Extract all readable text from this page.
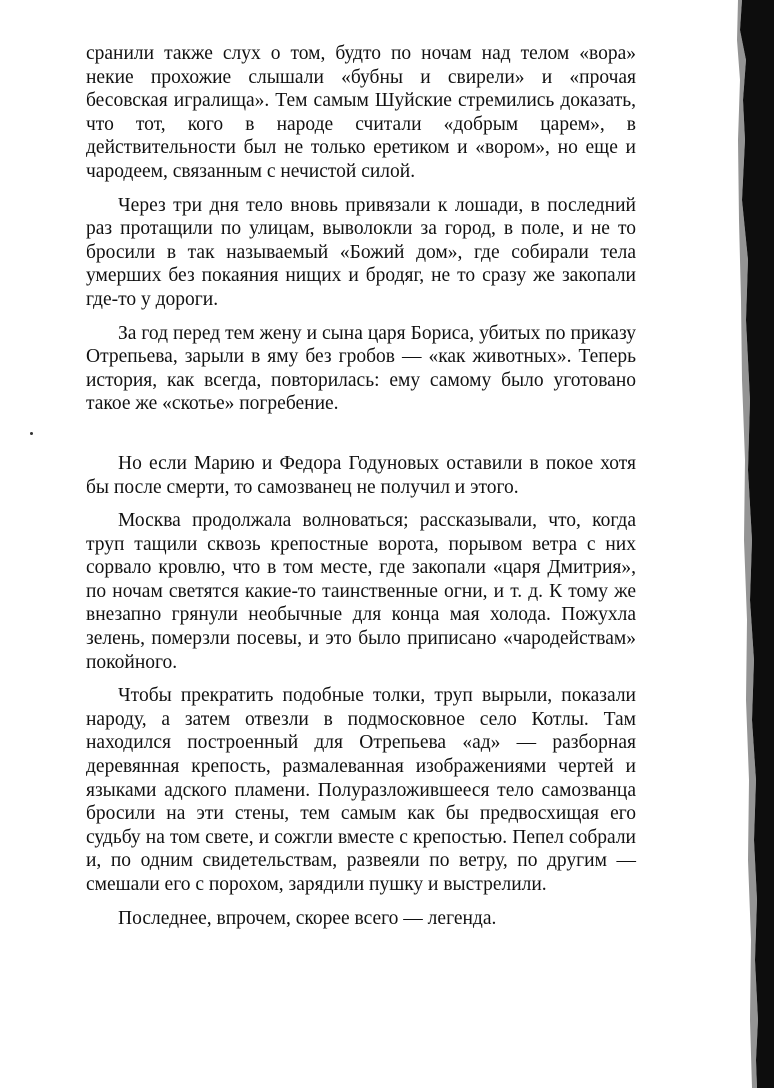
сранили также слух о том, будто по ночам над телом «вора» некие прохожие слышали «бубны и свирели» и «прочая бесовская игралища». Тем самым Шуйские стремились доказать, что тот, кого в народе считали «добрым царем», в действительности был не только еретиком и «вором», но еще и чародеем, связанным с нечистой силой.

Через три дня тело вновь привязали к лошади, в последний раз протащили по улицам, выволокли за город, в поле, и не то бросили в так называемый «Божий дом», где собирали тела умерших без покаяния нищих и бродяг, не то сразу же закопали где-то у дороги.

За год перед тем жену и сына царя Бориса, убитых по приказу Отрепьева, зарыли в яму без гробов — «как животных». Теперь история, как всегда, повторилась: ему самому было уготовано такое же «скотье» погребение.

Но если Марию и Федора Годуновых оставили в покое хотя бы после смерти, то самозванец не получил и этого.

Москва продолжала волноваться; рассказывали, что, когда труп тащили сквозь крепостные ворота, порывом ветра с них сорвало кровлю, что в том месте, где закопали «царя Дмитрия», по ночам светятся какие-то таинственные огни, и т. д. К тому же внезапно грянули необычные для конца мая холода. Пожухла зелень, померзли посевы, и это было приписано «чародействам» покойного.

Чтобы прекратить подобные толки, труп вырыли, показали народу, а затем отвезли в подмосковное село Котлы. Там находился построенный для Отрепьева «ад» — разборная деревянная крепость, размалеванная изображениями чертей и языками адского пламени. Полуразложившееся тело самозванца бросили на эти стены, тем самым как бы предвосхищая его судьбу на том свете, и сожгли вместе с крепостью. Пепел собрали и, по одним свидетельствам, развеяли по ветру, по другим — смешали его с порохом, зарядили пушку и выстрелили.

Последнее, впрочем, скорее всего — легенда.
